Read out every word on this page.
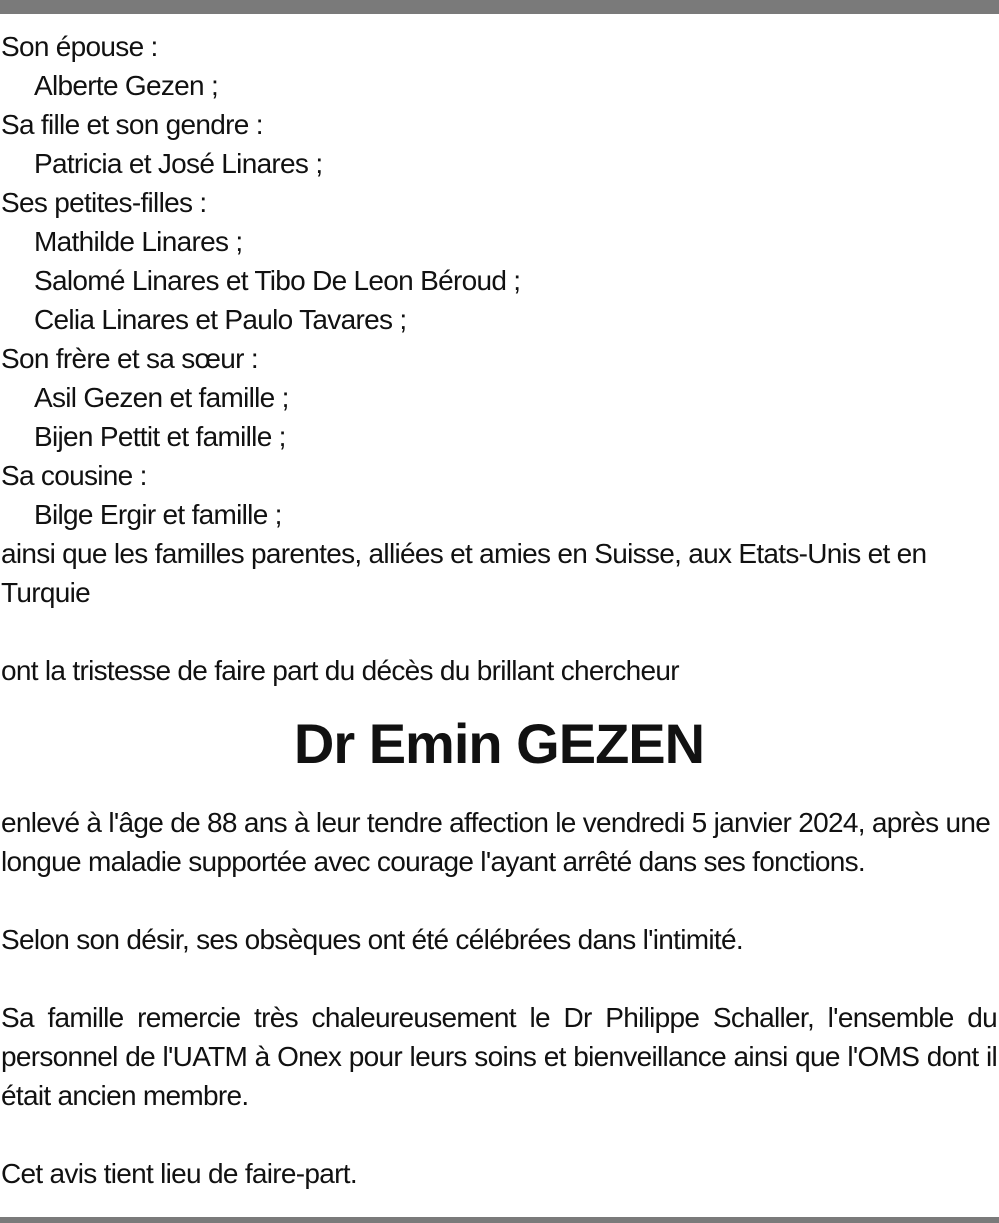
Son épouse :
Alberte Gezen ;
Sa fille et son gendre :
Patricia et José Linares ;
Ses petites-filles :
Mathilde Linares ;
Salomé Linares et Tibo De Leon Béroud ;
Celia Linares et Paulo Tavares ;
Son frère et sa sœur :
Asil Gezen et famille ;
Bijen Pettit et famille ;
Sa cousine :
Bilge Ergir et famille ;
ainsi que les familles parentes, alliées et amies en Suisse, aux Etats-Unis et en Turquie
ont la tristesse de faire part du décès du brillant chercheur
Dr Emin GEZEN
enlevé à l'âge de 88 ans à leur tendre affection le vendredi 5 janvier 2024, après une longue maladie supportée avec courage l'ayant arrêté dans ses fonctions.
Selon son désir, ses obsèques ont été célébrées dans l'intimité.
Sa famille remercie très chaleureusement le Dr Philippe Schaller, l'ensemble du personnel de l'UATM à Onex pour leurs soins et bienveillance ainsi que l'OMS dont il était ancien membre.
Cet avis tient lieu de faire-part.
